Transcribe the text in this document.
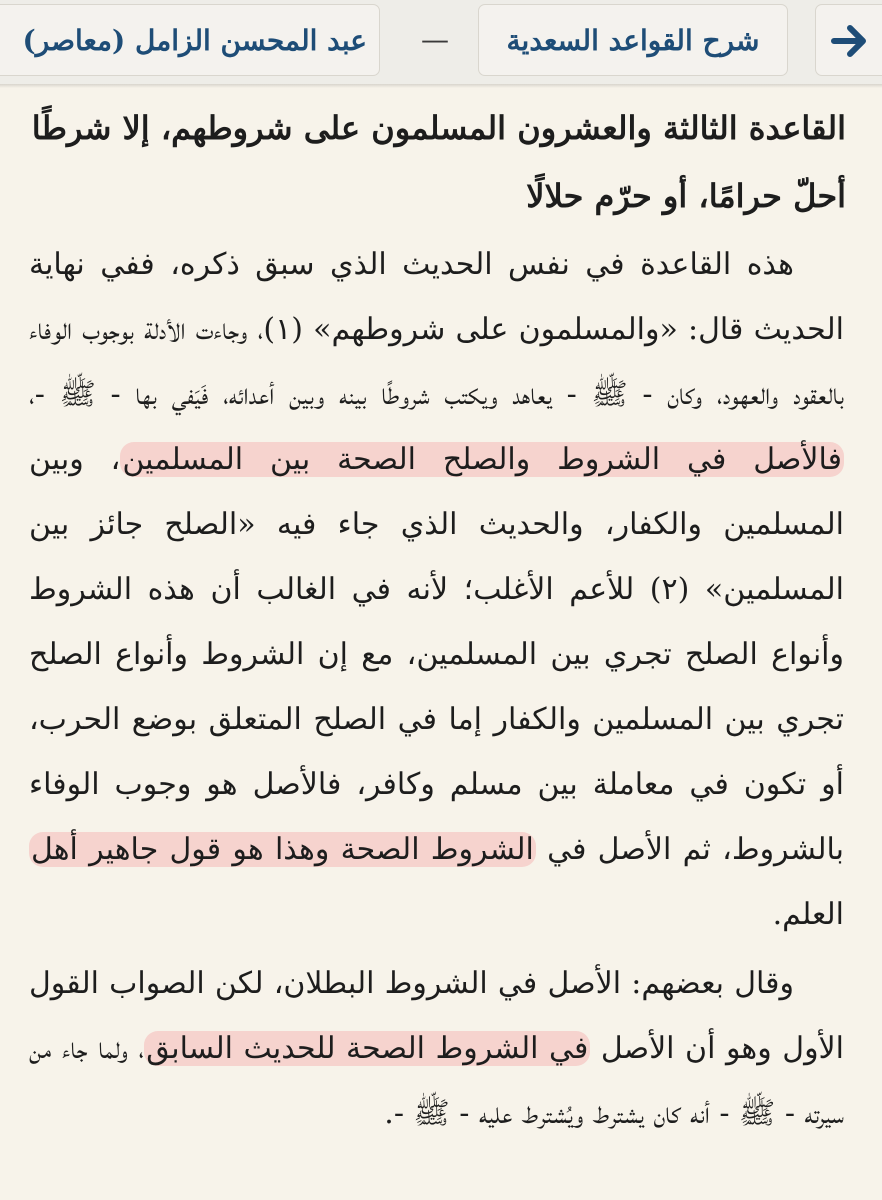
عبد المحسن الزامل (معاصر)	—	شرح القواعد السعدية
القاعدة الثالثة والعشرون المسلمون على شروطهم، إلا شرطًا أحلّ حرامًا، أو حرّم حلالًا

هذه القاعدة في نفس الحديث الذي سبق ذكره، ففي نهاية الحديث قال: «والمسلمون على شروطهم» (١)، وجاءت الأدلة بوجوب الوفاء بالعقود والعهود، وكان - ﷺ - يعاهد ويكتب شروطًا بينه وبين أعدائه، فَيَفي بها - ﷺ -، فالأصل في الشروط والصلح الصحة بين المسلمين، وبين المسلمين والكفار، والحديث الذي جاء فيه «الصلح جائز بين المسلمين» (٢) للأعم الأغلب؛ لأنه في الغالب أن هذه الشروط وأنواع الصلح تجري بين المسلمين، مع إن الشروط وأنواع الصلح تجري بين المسلمين والكفار إما في الصلح المتعلق بوضع الحرب، أو تكون في معاملة بين مسلم وكافر، فالأصل هو وجوب الوفاء بالشروط، ثم الأصل في الشروط الصحة وهذا هو قول جاهير أهل العلم.

وقال بعضهم: الأصل في الشروط البطلان، لكن الصواب القول الأول وهو أن الأصل في الشروط الصحة للحديث السابق، ولما جاء من سيرته - ﷺ - أنه كان يشترط ويُشترط عليه - ﷺ -.
